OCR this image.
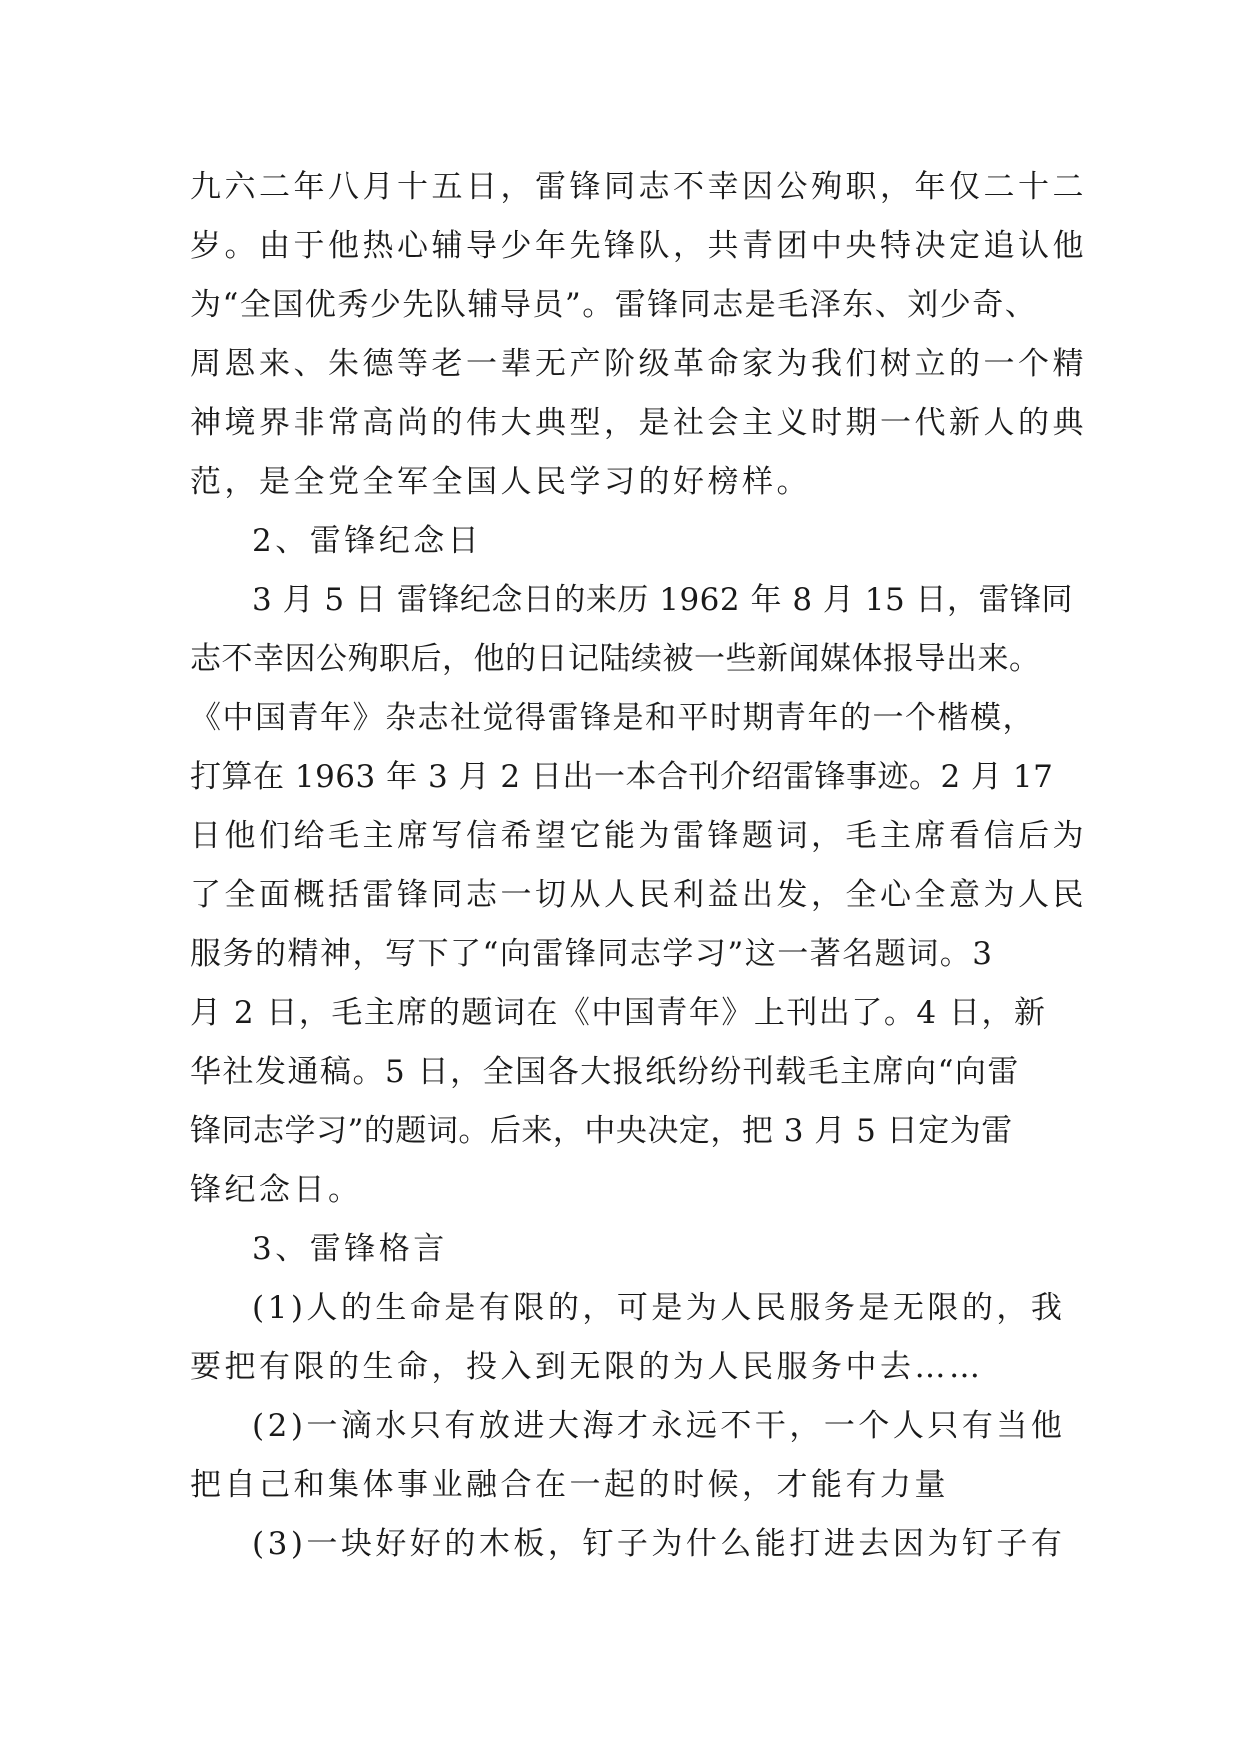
九六二年八月十五日，雷锋同志不幸因公殉职，年仅二十二
岁。由于他热心辅导少年先锋队，共青团中央特决定追认他
为“全国优秀少先队辅导员”。雷锋同志是毛泽东、刘少奇、
周恩来、朱德等老一辈无产阶级革命家为我们树立的一个精
神境界非常高尚的伟大典型，是社会主义时期一代新人的典
范，是全党全军全国人民学习的好榜样。
2、雷锋纪念日
3 月 5 日 雷锋纪念日的来历 1962 年 8 月 15 日，雷锋同
志不幸因公殉职后，他的日记陆续被一些新闻媒体报导出来。
《中国青年》杂志社觉得雷锋是和平时期青年的一个楷模，
打算在 1963 年 3 月 2 日出一本合刊介绍雷锋事迹。2 月 17
日他们给毛主席写信希望它能为雷锋题词，毛主席看信后为
了全面概括雷锋同志一切从人民利益出发，全心全意为人民
服务的精神，写下了“向雷锋同志学习”这一著名题词。3
月 2 日，毛主席的题词在《中国青年》上刊出了。4 日，新
华社发通稿。5 日，全国各大报纸纷纷刊载毛主席向“向雷
锋同志学习”的题词。后来，中央决定，把 3 月 5 日定为雷
锋纪念日。
3、雷锋格言
(1)人的生命是有限的，可是为人民服务是无限的，我
要把有限的生命，投入到无限的为人民服务中去……
(2)一滴水只有放进大海才永远不干，一个人只有当他
把自己和集体事业融合在一起的时候，才能有力量
(3)一块好好的木板，钉子为什么能打进去因为钉子有
